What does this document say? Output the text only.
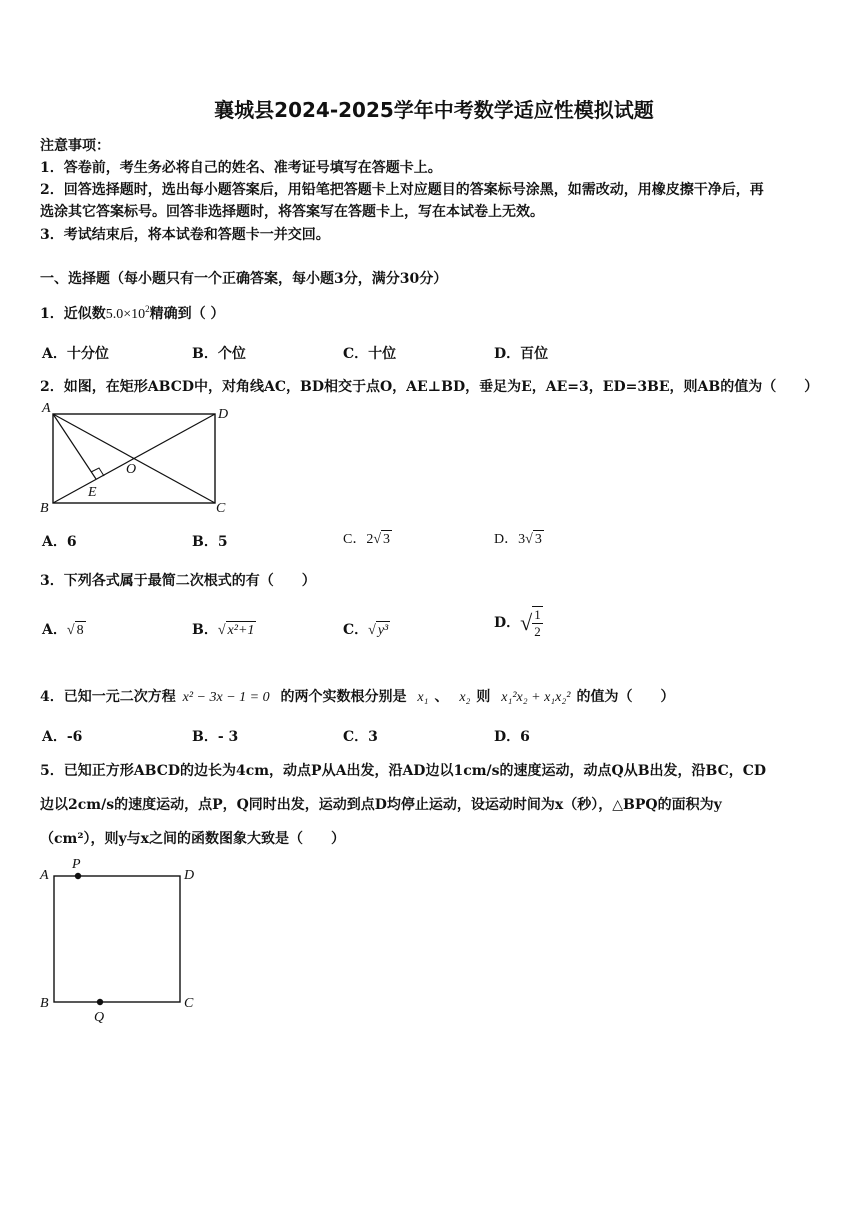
襄城县2024-2025学年中考数学适应性模拟试题
注意事项：
1．答卷前，考生务必将自己的姓名、准考证号填写在答题卡上。
2．回答选择题时，选出每小题答案后，用铅笔把答题卡上对应题目的答案标号涂黑，如需改动，用橡皮擦干净后，再
选涂其它答案标号。回答非选择题时，将答案写在答题卡上，写在本试卷上无效。
3．考试结束后，将本试卷和答题卡一并交回。
一、选择题（每小题只有一个正确答案，每小题3分，满分30分）
1．近似数$5.0\times 10^2$精确到（ ）
A．十分位	B．个位	C．十位	D．百位
2．如图，在矩形ABCD中，对角线AC，BD相交于点O，AE⊥BD，垂足为E，AE=3，ED=3BE，则AB的值为（　　）
A	D
O
E
B	C
A．6	B．5	C．2√ 3	D．3√ 3
3．下列各式属于最简二次根式的有（　　）
A．√ 8	B．√ x²+1	C．√ y³	D．√ $\frac{1}{2}$
4．已知一元二次方程 x² − 3x − 1 = 0 的两个实数根分别是 x₁ 、 x₂ 则 x₁²x₂ + x₁x₂² 的值为（　　）
A．-6	B．- 3	C．3	D．6
5．已知正方形ABCD的边长为4cm，动点P从A出发，沿AD边以1cm/s的速度运动，动点Q从B出发，沿BC，CD
边以2cm/s的速度运动，点P，Q同时出发，运动到点D均停止运动，设运动时间为x（秒），△BPQ的面积为y
（cm²），则y与x之间的函数图象大致是（　　）
P
A	D
B
Q
C
